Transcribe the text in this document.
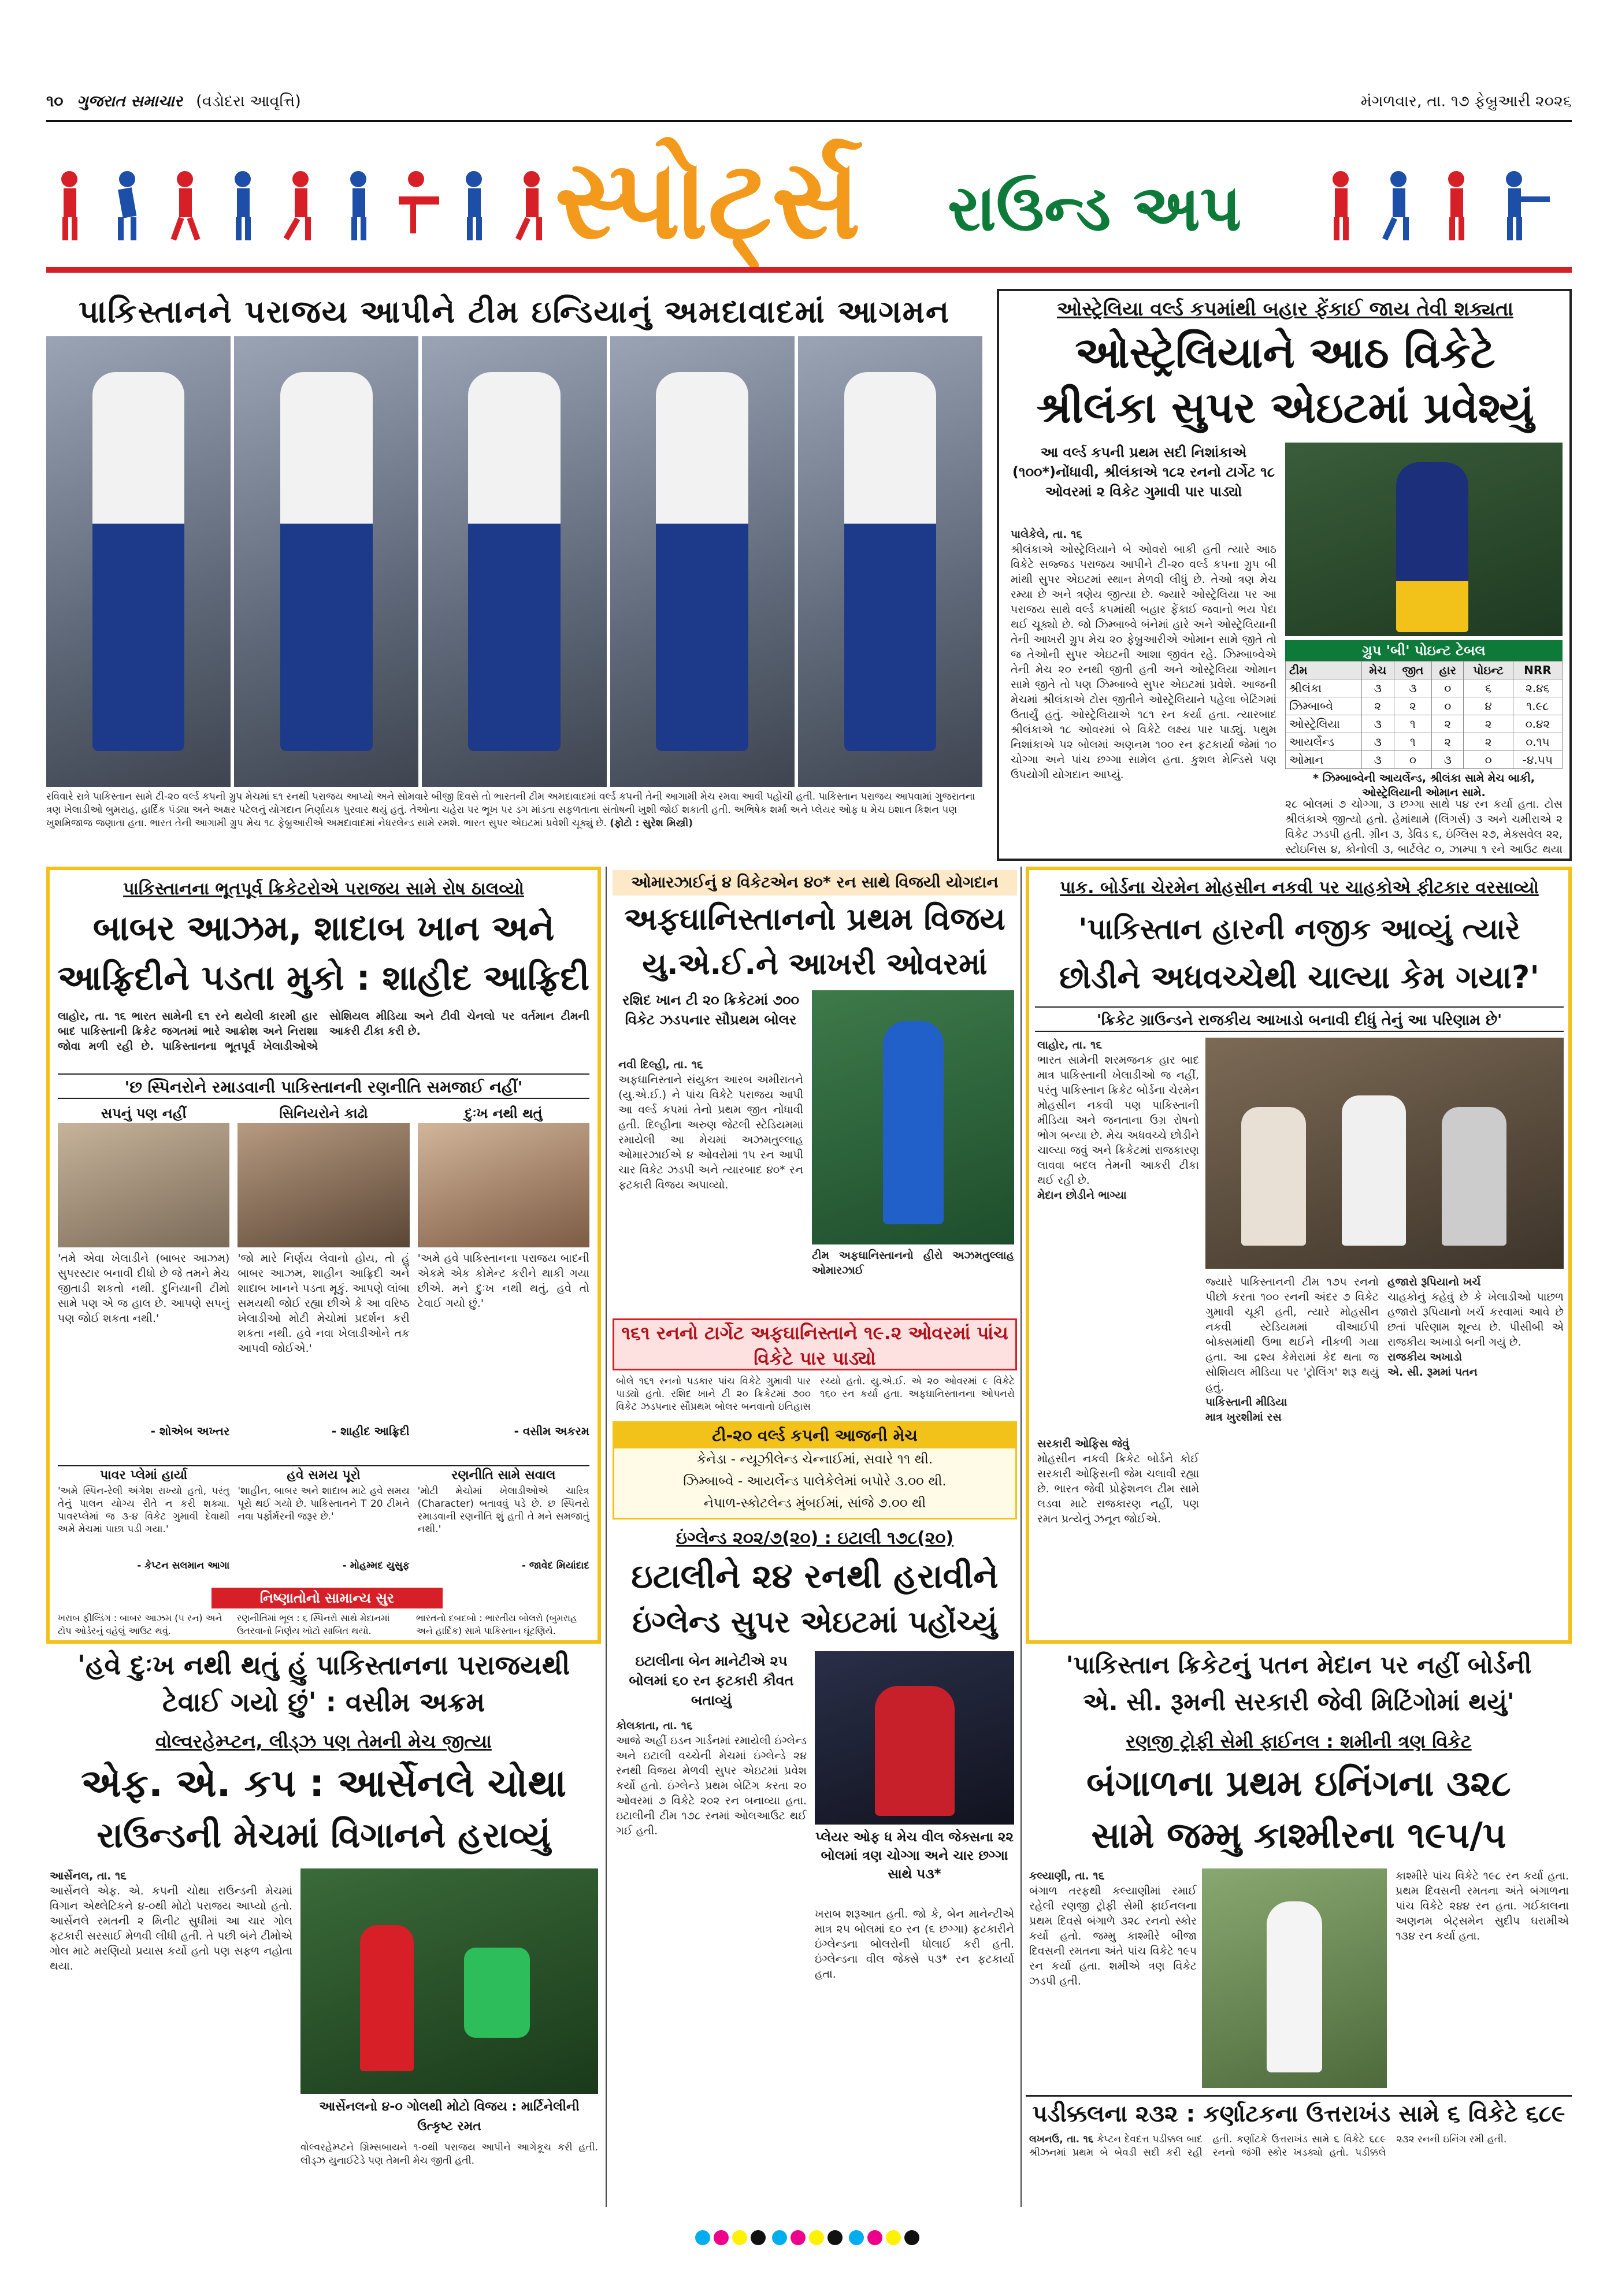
૧૦ ગુજરાત સમાચાર (વડોદરા આવૃત્તિ)	મંગળવાર, તા. ૧૭ ફેબ્રુઆરી ૨૦૨૬
સ્પોર્ટ્સ રાઉન્ડ અપ
પાકિસ્તાનને પરાજય આપીને ટીમ ઇન્ડિયાનું અમદાવાદમાં આગમન
રવિવારે રાત્રે પાકિસ્તાન સામે ટી-૨૦ વર્લ્ડ કપની ગ્રુપ મેચમાં ૬૧ રનથી પરાજય આપ્યો અને સોમવારે બીજી દિવસે તો ભારતની ટીમ અમદાવાદમાં વર્લ્ડ કપની તેની આગામી મેચ રમવા આવી પહોંચી હતી. પાકિસ્તાન પરાજય આપવામાં ગુજરાતના ત્રણ ખેલાડીઓ બુમરાહ, હાર્દિક પંડ્યા અને અક્ષર પટેલનું યોગદાન નિર્ણાયક પુરવાર થયું હતું. તેઓના ચહેરા પર ભૂખ પર ડગ માંડતા સફળતાના સંતોષની ખુશી જોઈ શકાતી હતી. અભિષેક શર્મા અને પ્લેયર ઓફ ધ મેચ ઇશાન કિશન પણ ખુશમિજાજ જણાતા હતા. ભારત તેની આગામી ગ્રુપ મેચ ૧૮ ફેબ્રુઆરીએ અમદાવાદમાં નેધરલેન્ડ સામે રમશે. ભારત સુપર એઇટમાં પ્રવેશી ચૂક્યું છે. (ફોટો : સુરેશ મિસ્ત્રી)
ઓસ્ટ્રેલિયા વર્લ્ડ કપમાંથી બહાર ફેંકાઈ જાય તેવી શક્યતા
ઓસ્ટ્રેલિયાને આઠ વિકેટે
શ્રીલંકા સુપર એઇટમાં પ્રવેશ્યું
આ વર્લ્ડ કપની પ્રથમ સદી નિશાંકાએ (૧૦૦*)નોંધાવી, શ્રીલંકાએ ૧૮૨ રનનો ટાર્ગેટ ૧૮ ઓવરમાં ૨ વિકેટ ગુમાવી પાર પાડ્યો
પાલેકેલે, તા. ૧૬
શ્રીલંકાએ ઓસ્ટ્રેલિયાને બે ઓવરો બાકી હતી ત્યારે આઠ વિકેટે સજ્જડ પરાજય આપીને ટી-૨૦ વર્લ્ડ કપના ગ્રુપ બી માંથી સુપર એઇટમાં સ્થાન મેળવી લીધું છે. તેઓ ત્રણ મેચ રમ્યા છે અને ત્રણેય જીત્યા છે. જ્યારે ઓસ્ટ્રેલિયા પર આ પરાજય સાથે વર્લ્ડ કપમાંથી બહાર ફેંકાઈ જવાનો ભય પેદા થઈ ચૂક્યો છે. જો ઝિમ્બાબ્વે બંનેમાં હારે અને ઓસ્ટ્રેલિયાની તેની આખરી ગ્રુપ મેચ ૨૦ ફેબ્રુઆરીએ ઓમાન સામે જીતે તો જ તેઓની સુપર એઇટની આશા જીવંત રહે. ઝિમ્બાબ્વેએ તેની મેચ ૨૦ રનથી જીતી હતી અને ઓસ્ટ્રેલિયા ઓમાન સામે જીતે તો પણ ઝિમ્બાબ્વે સુપર એઇટમાં પ્રવેશે. આજની મેચમાં શ્રીલંકાએ ટોસ જીતીને ઓસ્ટ્રેલિયાને પહેલા બેટિંગમાં ઉતાર્યું હતું. ઓસ્ટ્રેલિયાએ ૧૮૧ રન કર્યા હતા. ત્યારબાદ શ્રીલંકાએ ૧૮ ઓવરમાં બે વિકેટે લક્ષ્ય પાર પાડ્યું. પથુમ નિશાંકાએ ૫૨ બોલમાં અણનમ ૧૦૦ રન ફટકાર્યા જેમાં ૧૦ ચોગ્ગા અને પાંચ છગ્ગા સામેલ હતા. કુશલ મેન્ડિસે પણ ઉપયોગી યોગદાન આપ્યું.
ગ્રુપ 'બી' પોઇન્ટ ટેબલ
ટીમ	મેચ	જીત	હાર	પોઇન્ટ	NRR
શ્રીલંકા	૩	૩	૦	૬	૨.૪૬
ઝિમ્બાબ્વે	૨	૨	૦	૪	૧.૯૮
ઓસ્ટ્રેલિયા	૩	૧	૨	૨	૦.૪૨
આયર્લેન્ડ	૩	૧	૨	૨	૦.૧૫
ઓમાન	૩	૦	૩	૦	-૪.૫૫
* ઝિમ્બાબ્વેની આયર્લેન્ડ, શ્રીલંકા સામે મેચ બાકી, ઓસ્ટ્રેલિયાની ઓમાન સામે.
૨૮ બોલમાં ૭ ચોગ્ગા, ૩ છગ્ગા સાથે ૫૪ રન કર્યા હતા. ટોસ શ્રીલંકાએ જીત્યો હતો. હેમાંથામે (લિંગર્સ) ૩ અને ચમીરાએ ૨ વિકેટ ઝડપી હતી. ગ્રીન ૩, ડેવિડ ૬, ઇંગ્લિસ ૨૭, મેક્સવેલ ૨૨, સ્ટોઇનિસ ૪, કોનોલી ૩, બાર્ટલેટ ૦, ઝામ્પા ૧ રને આઉટ થયા
પાકિસ્તાનના ભૂતપૂર્વ ક્રિકેટરોએ પરાજય સામે રોષ ઠાલવ્યો
બાબર આઝમ, શાદાબ ખાન અને
આફ્રિદીને પડતા મુકો : શાહીદ આફ્રિદી
લાહોર, તા. ૧૬ ભારત સામેની ૬૧ રને થયેલી કારમી હાર બાદ પાકિસ્તાની ક્રિકેટ જગતમાં ભારે આક્રોશ અને નિરાશા જોવા મળી રહી છે. પાકિસ્તાનના ભૂતપૂર્વ ખેલાડીઓએ સોશિયલ મીડિયા અને ટીવી ચેનલો પર વર્તમાન ટીમની આકરી ટીકા કરી છે.
'છ સ્પિનરોને રમાડવાની પાકિસ્તાનની રણનીતિ સમજાઈ નહીં'
સપનું પણ નહીં
'તમે એવા ખેલાડીને (બાબર આઝમ) સુપરસ્ટાર બનાવી દીધો છે જે તમને મેચ જીતાડી શકતો નથી. દુનિયાની ટીમો સામે પણ એ જ હાલ છે. આપણે સપનું પણ જોઈ શકતા નથી.'
- શોએબ અખ્તર
સિનિયરોને કાઢો
'જો મારે નિર્ણય લેવાનો હોય, તો હું બાબર આઝમ, શાહીન આફ્રિદી અને શાદાબ ખાનને પડતા મૂકું. આપણે લાંબા સમયથી જોઈ રહ્યા છીએ કે આ વરિષ્ઠ ખેલાડીઓ મોટી મેચોમાં પ્રદર્શન કરી શકતા નથી. હવે નવા ખેલાડીઓને તક આપવી જોઈએ.'
- શાહીદ આફ્રિદી
દુઃખ નથી થતું
'અમે હવે પાકિસ્તાનના પરાજય બાદની એકમે એક કોમેન્ટ કરીને થાકી ગયા છીએ. મને દુઃખ નથી થતું, હવે તો ટેવાઈ ગયો છું.'
- વસીમ અકરમ
પાવર પ્લેમાં હાર્યા
'અમે સ્પિન-રેલી અંગેશ રાખ્યો હતો, પરંતુ તેનું પાલન યોગ્ય રીતે ન કરી શક્યા. પાવરપ્લેમાં જ ૩-૪ વિકેટ ગુમાવી દેવાથી અમે મેચમાં પાછા પડી ગયા.'
- કેપ્ટન સલમાન આગા
હવે સમય પૂરો
'શાહીન, બાબર અને શાદાબ માટે હવે સમય પૂરો થઈ ગયો છે. પાકિસ્તાનને T 20 ટીમને નવા પર્ફોર્મરની જરૂર છે.'
- મોહમ્મદ યુસુફ
રણનીતિ સામે સવાલ
'મોટી મેચોમાં ખેલાડીઓએ ચારિત્ર (Character) બતાવવું પડે છે. છ સ્પિનરો રમાડવાની રણનીતિ શું હતી તે મને સમજાતું નથી.'
- જાવેદ મિયાંદાદ
નિષ્ણાતોનો સામાન્ય સુર
ખરાબ ફીલ્ડિંગ : બાબર આઝમ (૫ રન) અને ટોપ ઓર્ડરનું વહેલું આઉટ થવું.
રણનીતિમાં ભૂલ : ૬ સ્પિનરો સાથે મેદાનમાં ઉતરવાનો નિર્ણય ખોટો સાબિત થયો.
ભારતનો દબદબો : ભારતીય બોલરો (બુમરાહ અને હાર્દિક) સામે પાકિસ્તાન ઘૂંટણિયે.
'હવે દુઃખ નથી થતું હું પાકિસ્તાનના પરાજયથી ટેવાઈ ગયો છું' : વસીમ અક્રમ
ઓમારઝાઈનું ૪ વિકેટએન ૪૦* રન સાથે વિજયી યોગદાન
અફઘાનિસ્તાનનો પ્રથમ વિજય
યુ.એ.ઈ.ને આખરી ઓવરમાં
રશિદ ખાન ટી ૨૦ ક્રિકેટમાં ૭૦૦ વિકેટ ઝડપનાર સૌપ્રથમ બોલર
નવી દિલ્હી, તા. ૧૬
અફઘાનિસ્તાને સંયુક્ત આરબ અમીરાતને (યુ.એ.ઈ.) ને પાંચ વિકેટે પરાજય આપી આ વર્લ્ડ કપમાં તેનો પ્રથમ જીત નોંધાવી હતી. દિલ્હીના અરુણ જેટલી સ્ટેડિયમમાં રમાયેલી આ મેચમાં અઝમતુલ્લાહ ઓમારઝાઈએ ૪ ઓવરોમાં ૧૫ રન આપી ચાર વિકેટ ઝડપી અને ત્યારબાદ ૪૦* રન ફટકારી વિજય અપાવ્યો.
ટીમ અફઘાનિસ્તાનનો હીરો અઝમતુલ્લાહ ઓમારઝાઈ
૧૬૧ રનનો ટાર્ગેટ અફઘાનિસ્તાને ૧૯.૨ ઓવરમાં પાંચ વિકેટે પાર પાડ્યો
બોલે ૧૬૧ રનનો પડકાર પાંચ વિકેટે ગુમાવી પાર પાડ્યો હતો. રશિદ ખાને ટી ૨૦ ક્રિકેટમાં ૭૦૦ વિકેટ ઝડપનાર સૌપ્રથમ બોલર બનવાનો ઇતિહાસ રચ્યો હતો. યુ.એ.ઈ. એ ૨૦ ઓવરમાં ૯ વિકેટે ૧૬૦ રન કર્યા હતા. અફઘાનિસ્તાનના ઓપનરો
ટી-૨૦ વર્લ્ડ કપની આજની મેચ
કેનેડા - ન્યૂઝીલેન્ડ ચેન્નાઈમાં, સવારે ૧૧ થી.
ઝિમ્બાબ્વે - આયર્લેન્ડ પાલેકેલેમાં બપોરે ૩.૦૦ થી.
નેપાળ-સ્કોટલેન્ડ મુંબઈમાં, સાંજે ૭.૦૦ થી
પાક. બોર્ડના ચેરમેન મોહસીન નકવી પર ચાહકોએ ફીટકાર વરસાવ્યો
'પાકિસ્તાન હારની નજીક આવ્યું ત્યારે
છોડીને અધવચ્ચેથી ચાલ્યા કેમ ગયા?'
'ક્રિકેટ ગ્રાઉન્ડને રાજકીય આખાડો બનાવી દીધું તેનું આ પરિણામ છે'
લાહોર, તા. ૧૬
ભારત સામેની શરમજનક હાર બાદ માત્ર પાકિસ્તાની ખેલાડીઓ જ નહીં, પરંતુ પાકિસ્તાન ક્રિકેટ બોર્ડના ચેરમેન મોહસીન નકવી પણ પાકિસ્તાની મીડિયા અને જનતાના ઉગ્ર રોષનો ભોગ બન્યા છે. મેચ અધવચ્ચે છોડીને ચાલ્યા જવું અને ક્રિકેટમાં રાજકારણ લાવવા બદલ તેમની આકરી ટીકા થઈ રહી છે.
મેદાન છોડીને ભાગ્યા
જ્યારે પાકિસ્તાનની ટીમ ૧૭૫ રનનો પીછો કરતા ૧૦૦ રનની અંદર ૭ વિકેટ ગુમાવી ચૂકી હતી, ત્યારે મોહસીન નકવી સ્ટેડિયમમાં વીઆઈપી બોક્સમાંથી ઉભા થઈને નીકળી ગયા હતા. આ દ્રશ્ય કેમેરામાં કેદ થતા જ સોશિયલ મીડિયા પર 'ટ્રોલિંગ' શરૂ થયું હતું.
પાકિસ્તાની મીડિયા
માત્ર ખુરશીમાં રસ
સરકારી ઓફિસ જેવું
મોહસીન નકવી ક્રિકેટ બોર્ડને કોઈ સરકારી ઓફિસની જેમ ચલાવી રહ્યા છે. ભારત જેવી પ્રોફેશનલ ટીમ સામે લડવા માટે રાજકારણ નહીં, પણ રમત પ્રત્યેનું ઝનૂન જોઈએ.
હજારો રૂપિયાનો ખર્ચ
ચાહકોનું કહેવું છે કે ખેલાડીઓ પાછળ હજારો રૂપિયાનો ખર્ચ કરવામાં આવે છે છતાં પરિણામ શૂન્ય છે. પીસીબી એ રાજકીય અખાડો બની ગયું છે.
રાજકીય અખાડો
એ. સી. રૂમમાં પતન
'પાકિસ્તાન ક્રિકેટનું પતન મેદાન પર નહીં બોર્ડની
એ. સી. રૂમની સરકારી જેવી મિટિંગોમાં થયું'
ઇંગ્લેન્ડ ૨૦૨/૭(૨૦) : ઇટાલી ૧૭૮(૨૦)
ઇટાલીને ૨૪ રનથી હરાવીને
ઇંગ્લેન્ડ સુપર એઇટમાં પહોંચ્યું
ઇટાલીના બેન માનેટીએ ૨૫ બોલમાં ૬૦ રન ફટકારી કૌવત બતાવ્યું
કોલકાતા, તા. ૧૬
આજે અહીં ઇડન ગાર્ડનમાં રમાયેલી ઇંગ્લેન્ડ અને ઇટાલી વચ્ચેની મેચમાં ઇંગ્લેન્ડે ૨૪ રનથી વિજય મેળવી સુપર એઇટમાં પ્રવેશ કર્યો હતો. ઇંગ્લેન્ડે પ્રથમ બેટિંગ કરતા ૨૦ ઓવરમાં ૭ વિકેટે ૨૦૨ રન બનાવ્યા હતા. ઇટાલીની ટીમ ૧૭૮ રનમાં ઓલઆઉટ થઈ ગઈ હતી.	પ્લેયર ઓફ ધ મેચ વીલ જેક્સના ૨૨ બોલમાં ત્રણ ચોગ્ગા અને ચાર છગ્ગા સાથે ૫૩*
ખરાબ શરૂઆત હતી. જો કે, બેન માનેન્ટીએ માત્ર ૨૫ બોલમાં ૬૦ રન (૬ છગ્ગા) ફટકારીને ઇંગ્લેન્ડના બોલરોની ધોલાઈ કરી હતી. ઇંગ્લેન્ડના વીલ જેક્સે ૫૩* રન ફટકાર્યા હતા.
વોલ્વરહેમ્પ્ટન, લીડ્ઝ પણ તેમની મેચ જીત્યા
એફ. એ. કપ : આર્સેનલે ચોથા
રાઉન્ડની મેચમાં વિગાનને હરાવ્યું
આર્સેનલ, તા. ૧૬
આર્સેનલે એફ. એ. કપની ચોથા રાઉન્ડની મેચમાં વિગાન એથ્લેટિકને ૪-૦થી મોટો પરાજય આપ્યો હતો. આર્સેનલે રમતની ૨ મિનીટ સુધીમાં આ ચાર ગોલ ફટકારી સરસાઈ મેળવી લીધી હતી. તે પછી બંને ટીમોએ ગોલ માટે મરણિયો પ્રયાસ કર્યો હતો પણ સફળ નહોતા થયા.
આર્સેનલનો ૪-૦ ગોલથી મોટો વિજય : માર્ટિનેલીની ઉત્કૃષ્ટ રમત
વોલ્વરહેમ્પ્ટને ગ્રિમ્સબાયને ૧-૦થી પરાજય આપીને આગેકૂચ કરી હતી. લીડ્ઝ યુનાઈટેડે પણ તેમની મેચ જીતી હતી.
રણજી ટ્રોફી સેમી ફાઈનલ : શમીની ત્રણ વિકેટ
બંગાળના પ્રથમ ઇનિંગના ૩૨૮
સામે જમ્મુ કાશ્મીરના ૧૯૫/૫
કલ્યાણી, તા. ૧૬
બંગાળ તરફથી કલ્યાણીમાં રમાઈ રહેલી રણજી ટ્રોફી સેમી ફાઈનલના પ્રથમ દિવસે બંગાળે ૩૨૮ રનનો સ્કોર કર્યો હતો. જમ્મુ કાશ્મીરે બીજા દિવસની રમતના અંતે પાંચ વિકેટે ૧૯૫ રન કર્યા હતા. શમીએ ત્રણ વિકેટ ઝડપી હતી.
કાશ્મીરે પાંચ વિકેટે ૧૯૮ રન કર્યા હતા. પ્રથમ દિવસની રમતના અંતે બંગાળના પાંચ વિકેટે ૨૪૪ રન હતા. ગઈકાલના અણનમ બેટ્સમેન સુદીપ ઘરામીએ ૧૩૪ રન કર્યા હતા.
પડીક્કલના ૨૩૨ : કર્ણાટકના ઉત્તરાખંડ સામે ૬ વિકેટે ૬૮૯
લખનઉ, તા. ૧૬ કેપ્ટન દેવદત્ત પડીક્કલ બાદ શ્રીઝનમાં પ્રથમ બે બેવડી સદી કરી રહી હતી. કર્ણાટકે ઉત્તરાખંડ સામે ૬ વિકેટે ૬૮૯ રનનો જંગી સ્કોર ખડક્યો હતો. પડીક્કલે ૨૩૨ રનની ઇનિંગ રમી હતી.
